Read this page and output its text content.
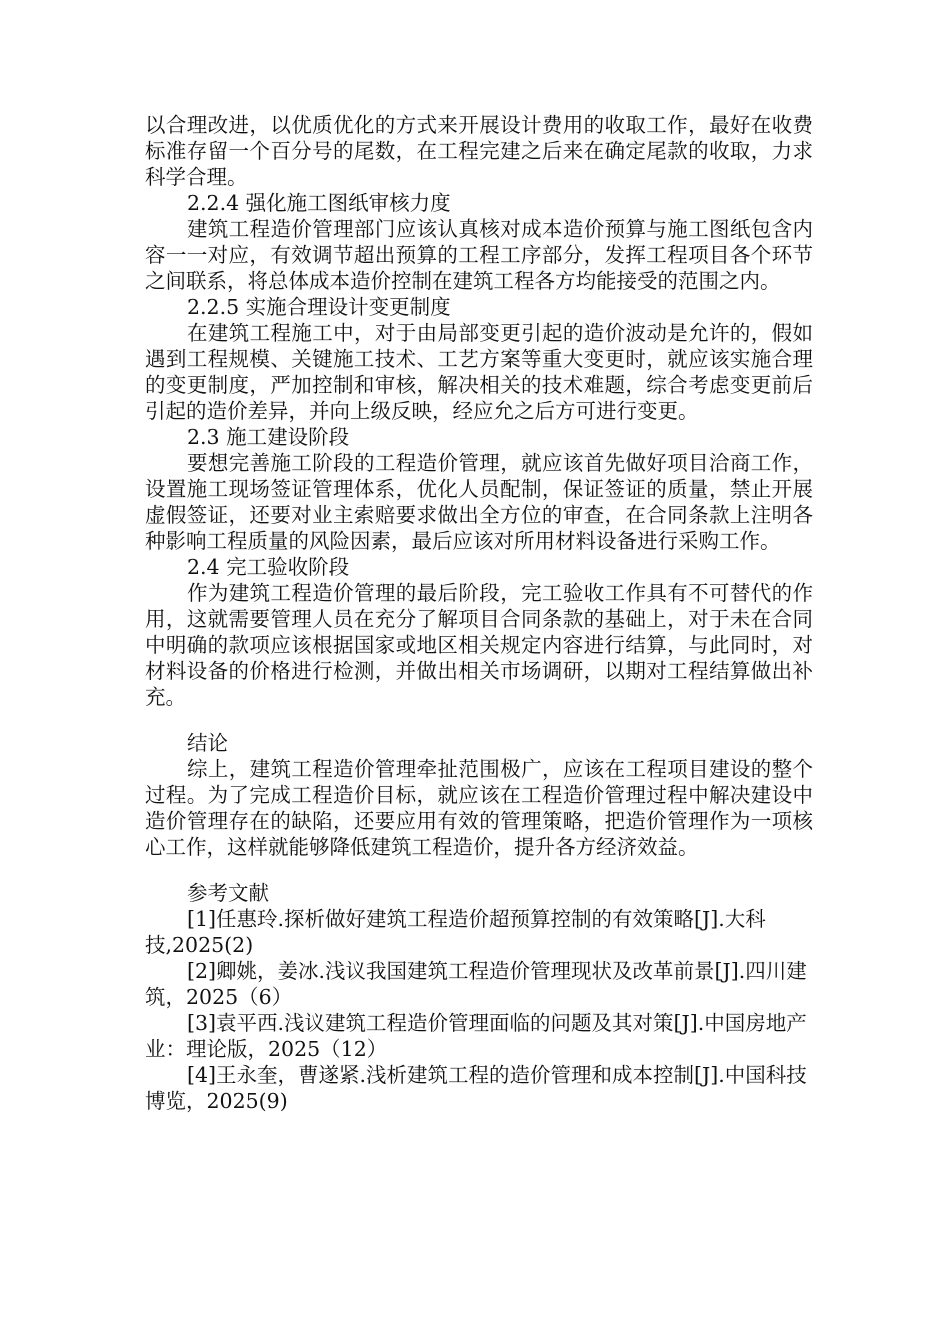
以合理改进，以优质优化的方式来开展设计费用的收取工作，最好在收费标准存留一个百分号的尾数，在工程完建之后来在确定尾款的收取，力求科学合理。

2.2.4 强化施工图纸审核力度

建筑工程造价管理部门应该认真核对成本造价预算与施工图纸包含内容一一对应，有效调节超出预算的工程工序部分，发挥工程项目各个环节之间联系，将总体成本造价控制在建筑工程各方均能接受的范围之内。

2.2.5 实施合理设计变更制度

在建筑工程施工中，对于由局部变更引起的造价波动是允许的，假如遇到工程规模、关键施工技术、工艺方案等重大变更时，就应该实施合理的变更制度，严加控制和审核，解决相关的技术难题，综合考虑变更前后引起的造价差异，并向上级反映，经应允之后方可进行变更。

2.3 施工建设阶段

要想完善施工阶段的工程造价管理，就应该首先做好项目洽商工作，设置施工现场签证管理体系，优化人员配制，保证签证的质量，禁止开展虚假签证，还要对业主索赔要求做出全方位的审查，在合同条款上注明各种影响工程质量的风险因素，最后应该对所用材料设备进行采购工作。

2.4 完工验收阶段

作为建筑工程造价管理的最后阶段，完工验收工作具有不可替代的作用，这就需要管理人员在充分了解项目合同条款的基础上，对于未在合同中明确的款项应该根据国家或地区相关规定内容进行结算，与此同时，对材料设备的价格进行检测，并做出相关市场调研，以期对工程结算做出补充。

结论

综上，建筑工程造价管理牵扯范围极广，应该在工程项目建设的整个过程。为了完成工程造价目标，就应该在工程造价管理过程中解决建设中造价管理存在的缺陷，还要应用有效的管理策略，把造价管理作为一项核心工作，这样就能够降低建筑工程造价，提升各方经济效益。

参考文献

[1]任惠玲.探析做好建筑工程造价超预算控制的有效策略[J].大科技,2025(2)

[2]卿姚，姜冰.浅议我国建筑工程造价管理现状及改革前景[J].四川建筑，2025（6）

[3]袁平西.浅议建筑工程造价管理面临的问题及其对策[J].中国房地产业：理论版，2025（12）

[4]王永奎，曹遂紧.浅析建筑工程的造价管理和成本控制[J].中国科技博览，2025(9)
